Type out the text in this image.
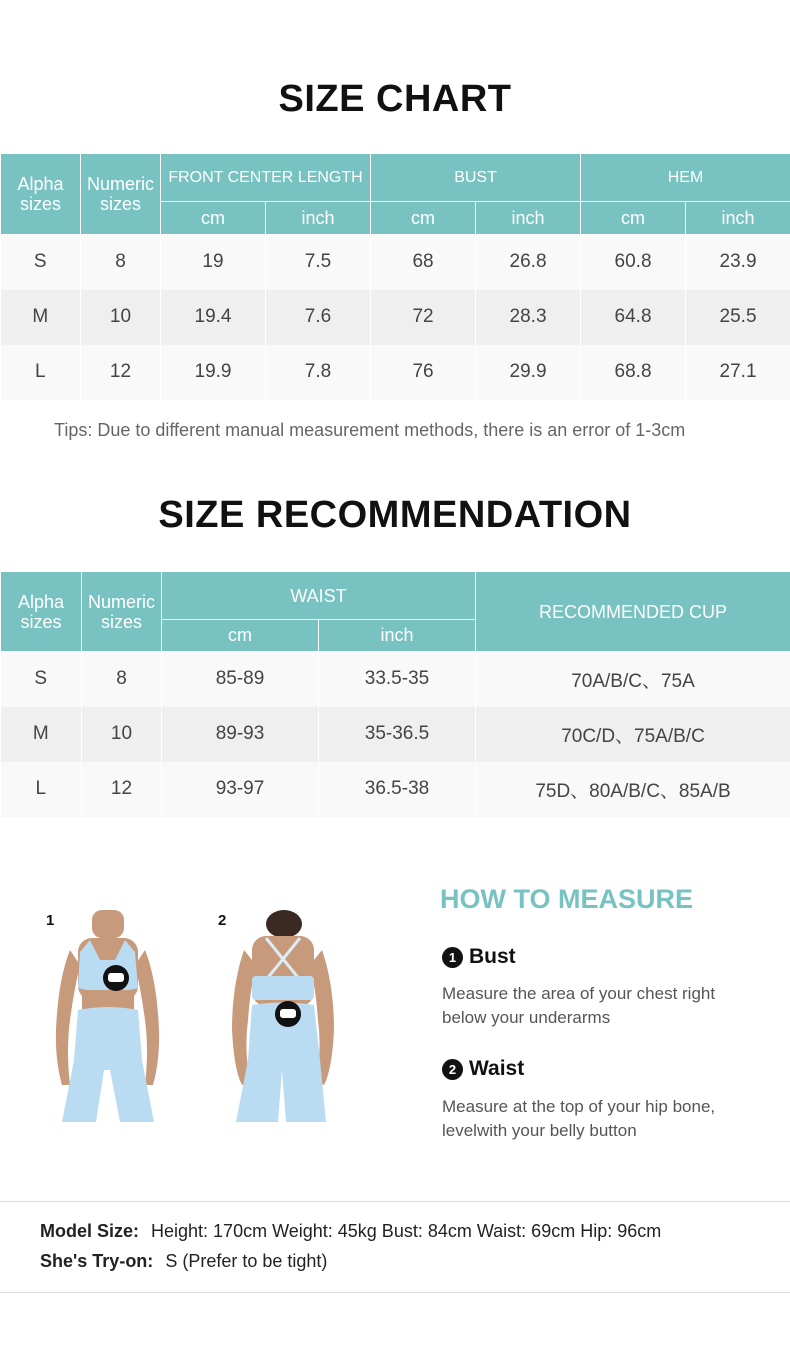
SIZE CHART
Alpha sizes	Numeric sizes	FRONT CENTER LENGTH		BUST		HEM	
		cm	inch	cm	inch	cm	inch
S	8	19	7.5	68	26.8	60.8	23.9
M	10	19.4	7.6	72	28.3	64.8	25.5
L	12	19.9	7.8	76	29.9	68.8	27.1
Tips: Due to different manual measurement methods, there is an error of 1-3cm
SIZE RECOMMENDATION
Alpha sizes	Numeric sizes	WAIST		RECOMMENDED CUP
		cm	inch	
S	8	85-89	33.5-35	70A/B/C、75A
M	10	89-93	35-36.5	70C/D、75A/B/C
L	12	93-97	36.5-38	75D、80A/B/C、85A/B
1	2
HOW TO MEASURE
1 Bust
Measure the area of your chest right below your underarms
2 Waist
Measure at the top of your hip bone, levelwith your belly button
Model Size: Height: 170cm Weight: 45kg Bust: 84cm Waist: 69cm Hip: 96cm
She's Try-on: S (Prefer to be tight)
